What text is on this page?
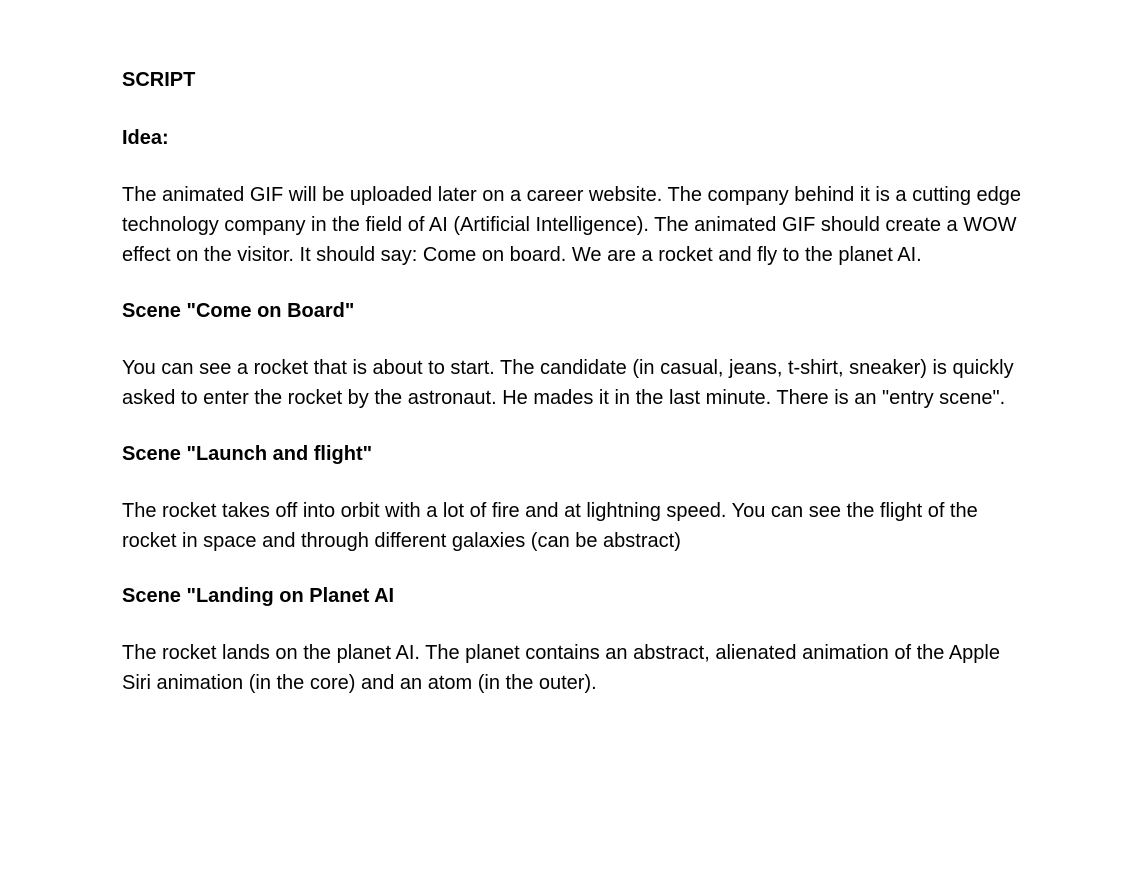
SCRIPT

Idea:

The animated GIF will be uploaded later on a career website. The company behind it is a cutting edge technology company in the field of AI (Artificial Intelligence). The animated GIF should create a WOW effect on the visitor. It should say: Come on board. We are a rocket and fly to the planet AI.

Scene "Come on Board"

You can see a rocket that is about to start. The candidate (in casual, jeans, t-shirt, sneaker) is quickly asked to enter the rocket by the astronaut. He mades it in the last minute. There is an "entry scene".

Scene "Launch and flight"

The rocket takes off into orbit with a lot of fire and at lightning speed. You can see the flight of the rocket in space and through different galaxies (can be abstract)

Scene "Landing on Planet AI

The rocket lands on the planet AI. The planet contains an abstract, alienated animation of the Apple Siri animation (in the core) and an atom (in the outer).
